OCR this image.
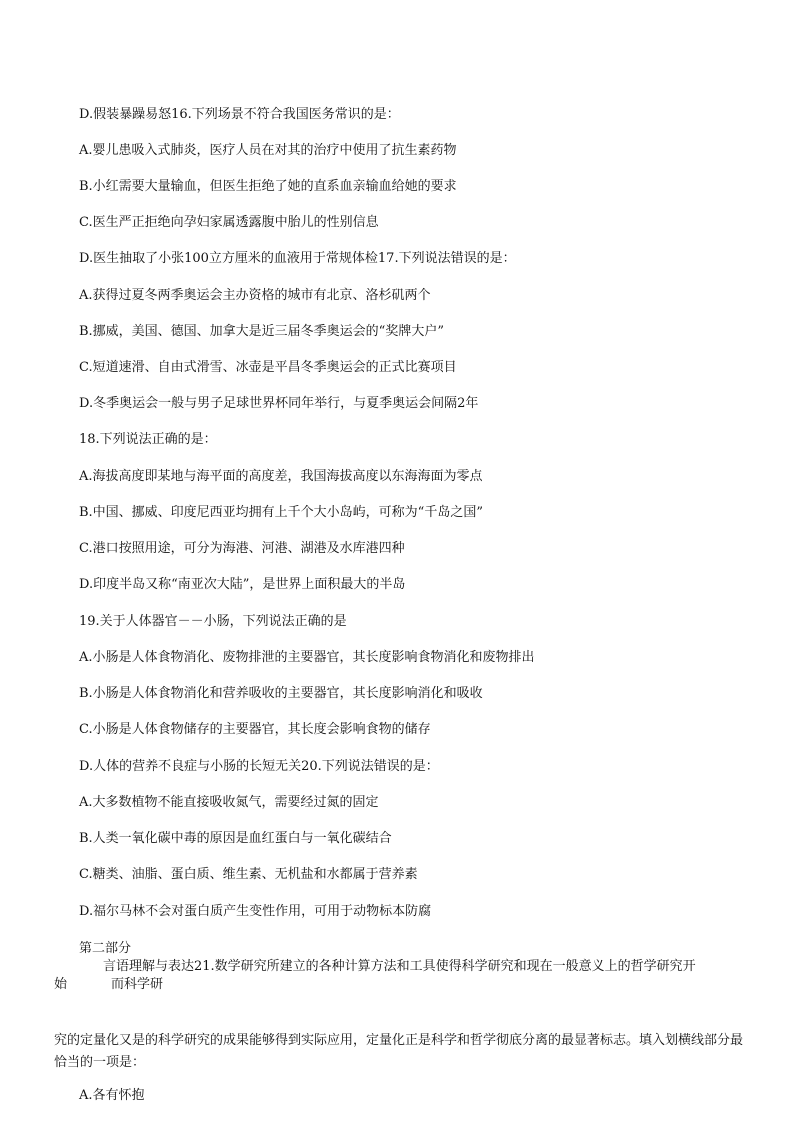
D.假装暴躁易怒16.下列场景不符合我国医务常识的是：

A.婴儿患吸入式肺炎，医疗人员在对其的治疗中使用了抗生素药物

B.小红需要大量输血，但医生拒绝了她的直系血亲输血给她的要求

C.医生严正拒绝向孕妇家属透露腹中胎儿的性别信息

D.医生抽取了小张100立方厘米的血液用于常规体检17.下列说法错误的是：

A.获得过夏冬两季奥运会主办资格的城市有北京、洛杉矶两个

B.挪威，美国、德国、加拿大是近三届冬季奥运会的“奖牌大户”

C.短道速滑、自由式滑雪、冰壶是平昌冬季奥运会的正式比赛项目

D.冬季奥运会一般与男子足球世界杯同年举行，与夏季奥运会间隔2年

18.下列说法正确的是：

A.海拔高度即某地与海平面的高度差，我国海拔高度以东海海面为零点

B.中国、挪威、印度尼西亚均拥有上千个大小岛屿，可称为“千岛之国”

C.港口按照用途，可分为海港、河港、湖港及水库港四种

D.印度半岛又称“南亚次大陆”，是世界上面积最大的半岛

19.关于人体器官－－小肠，下列说法正确的是

A.小肠是人体食物消化、废物排泄的主要器官，其长度影响食物消化和废物排出

B.小肠是人体食物消化和营养吸收的主要器官，其长度影响消化和吸收

C.小肠是人体食物储存的主要器官，其长度会影响食物的储存

D.人体的营养不良症与小肠的长短无关20.下列说法错误的是：

A.大多数植物不能直接吸收氮气，需要经过氮的固定

B.人类一氧化碳中毒的原因是血红蛋白与一氧化碳结合

C.糖类、油脂、蛋白质、维生素、无机盐和水都属于营养素

D.福尔马林不会对蛋白质产生变性作用，可用于动物标本防腐

第二部分

言语理解与表达21.数学研究所建立的各种计算方法和工具使得科学研究和现在一般意义上的哲学研究开

始	而科学研

究的定量化又是的科学研究的成果能够得到实际应用，定量化正是科学和哲学彻底分离的最显著标志。填入划横线部分最恰当的一项是：

A.各有怀抱
